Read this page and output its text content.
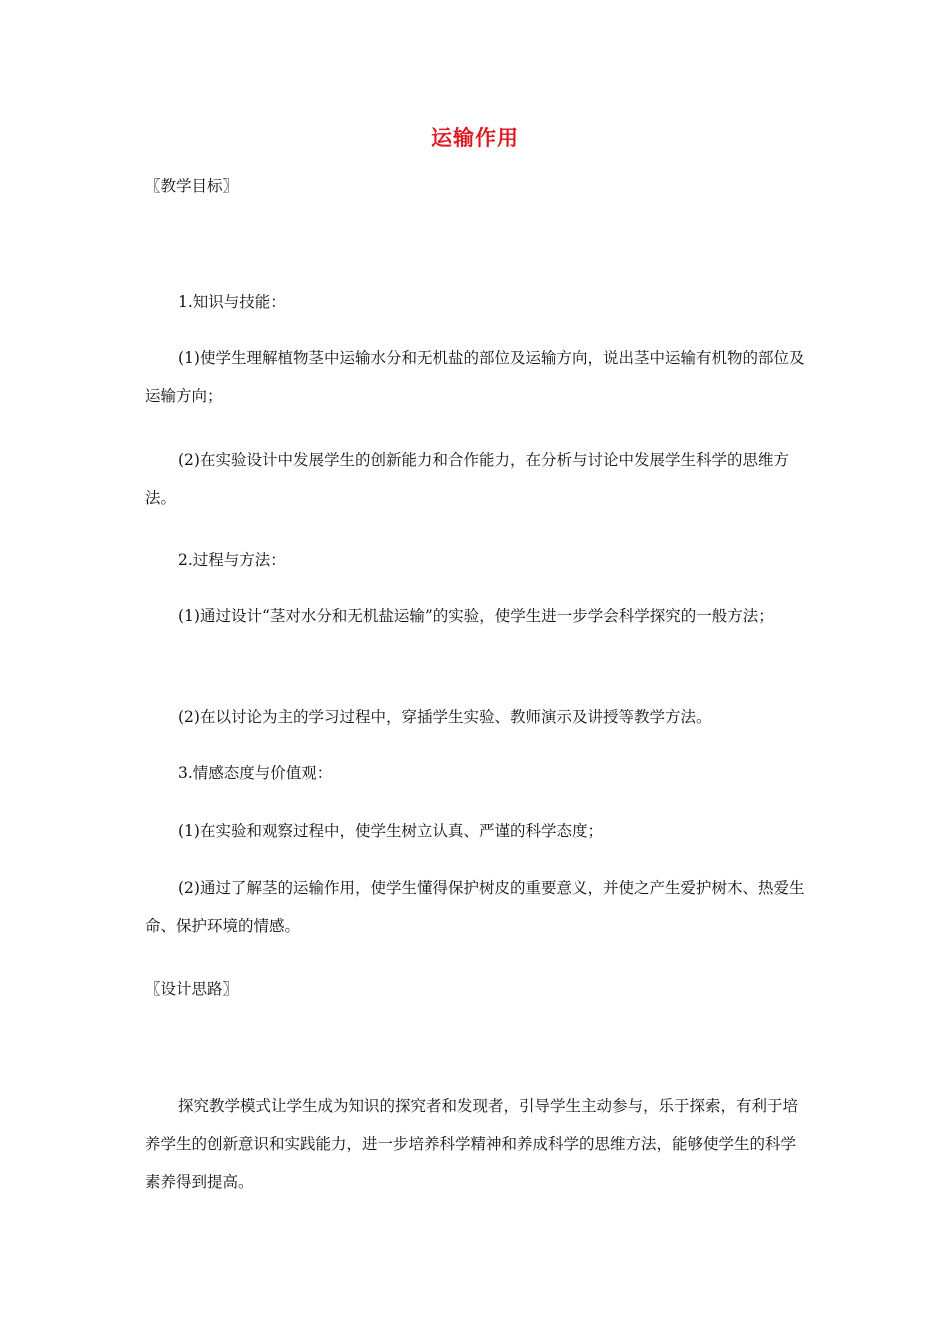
运输作用

〖教学目标〗

1.知识与技能：

(1)使学生理解植物茎中运输水分和无机盐的部位及运输方向，说出茎中运输有机物的部位及运输方向；

(2)在实验设计中发展学生的创新能力和合作能力，在分析与讨论中发展学生科学的思维方法。

2.过程与方法：

(1)通过设计“茎对水分和无机盐运输”的实验，使学生进一步学会科学探究的一般方法；

(2)在以讨论为主的学习过程中，穿插学生实验、教师演示及讲授等教学方法。

3.情感态度与价值观：

(1)在实验和观察过程中，使学生树立认真、严谨的科学态度；

(2)通过了解茎的运输作用，使学生懂得保护树皮的重要意义，并使之产生爱护树木、热爱生命、保护环境的情感。

〖设计思路〗

探究教学模式让学生成为知识的探究者和发现者，引导学生主动参与，乐于探索，有利于培养学生的创新意识和实践能力，进一步培养科学精神和养成科学的思维方法，能够使学生的科学素养得到提高。
